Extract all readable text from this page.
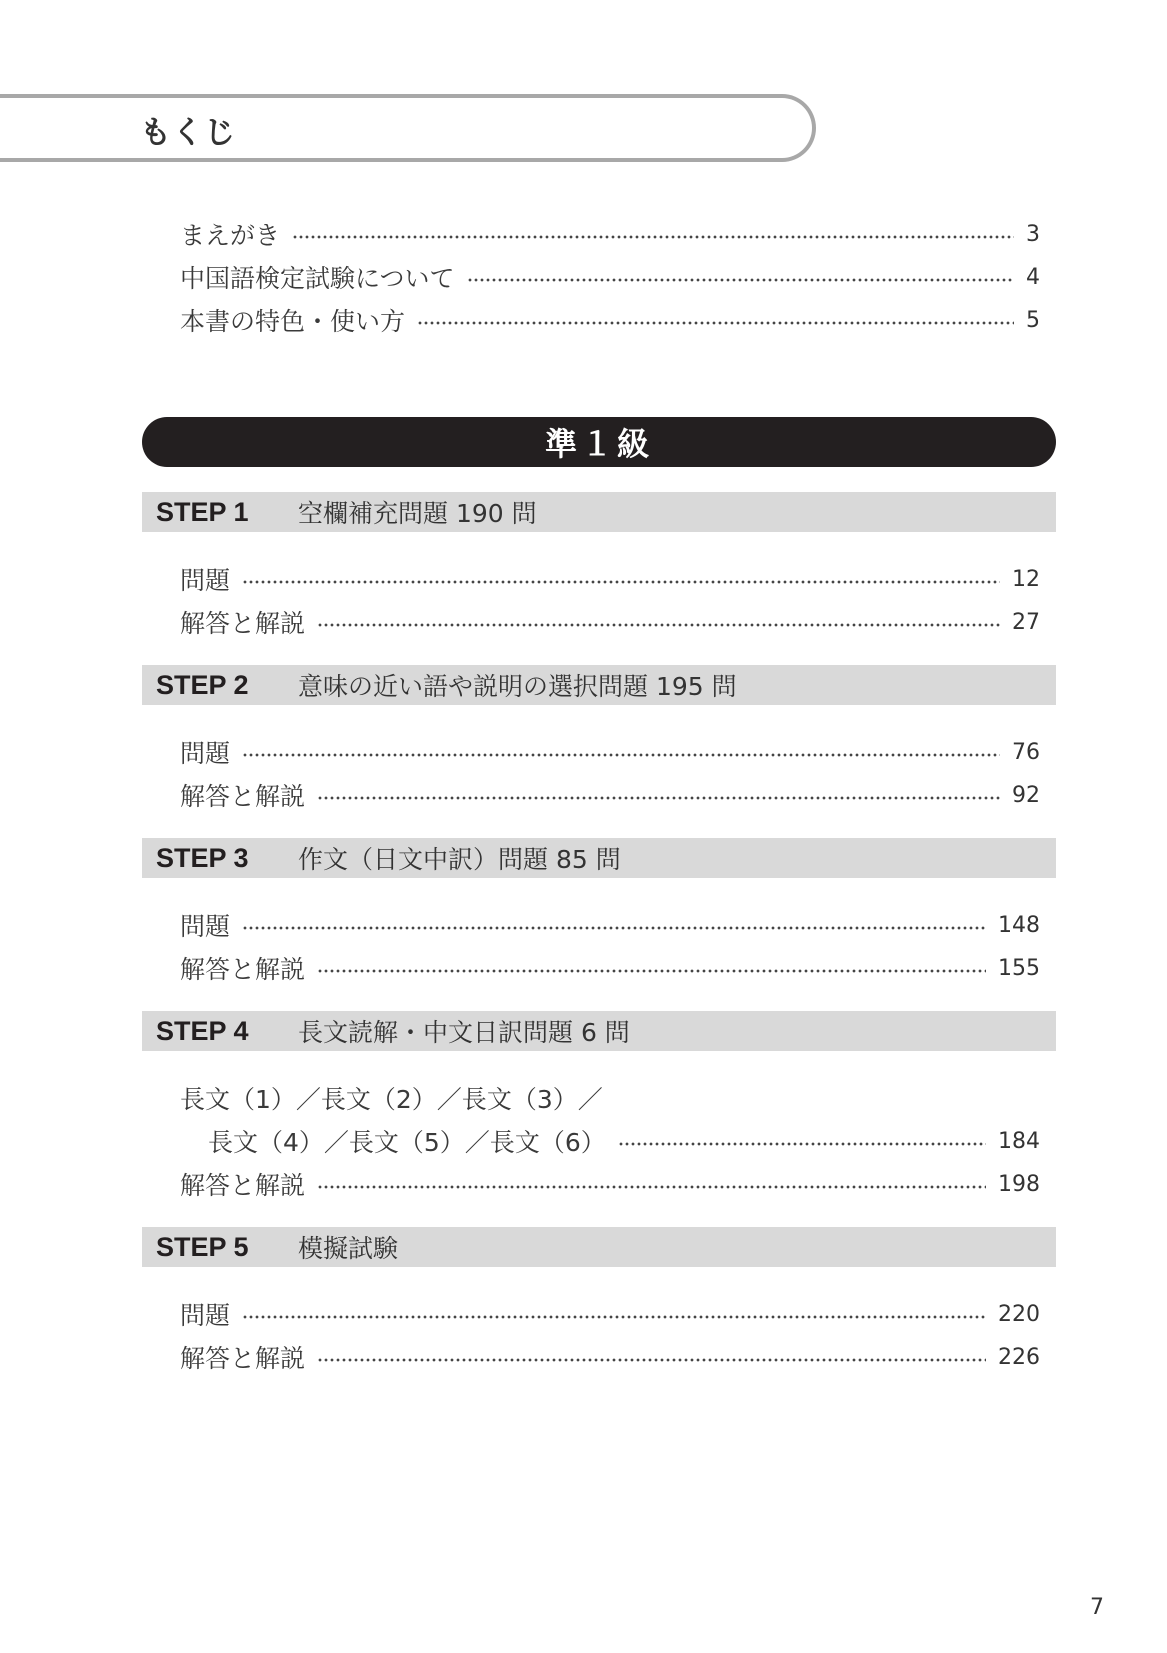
もくじ
まえがき	3
中国語検定試験について	4
本書の特色・使い方	5
準１級
STEP 1	空欄補充問題 190 問
問題	12
解答と解説	27
STEP 2	意味の近い語や説明の選択問題 195 問
問題	76
解答と解説	92
STEP 3	作文（日文中訳）問題 85 問
問題	148
解答と解説	155
STEP 4	長文読解・中文日訳問題 6 問
長文（1）／長文（2）／長文（3）／
長文（4）／長文（5）／長文（6）	184
解答と解説	198
STEP 5	模擬試験
問題	220
解答と解説	226
7
